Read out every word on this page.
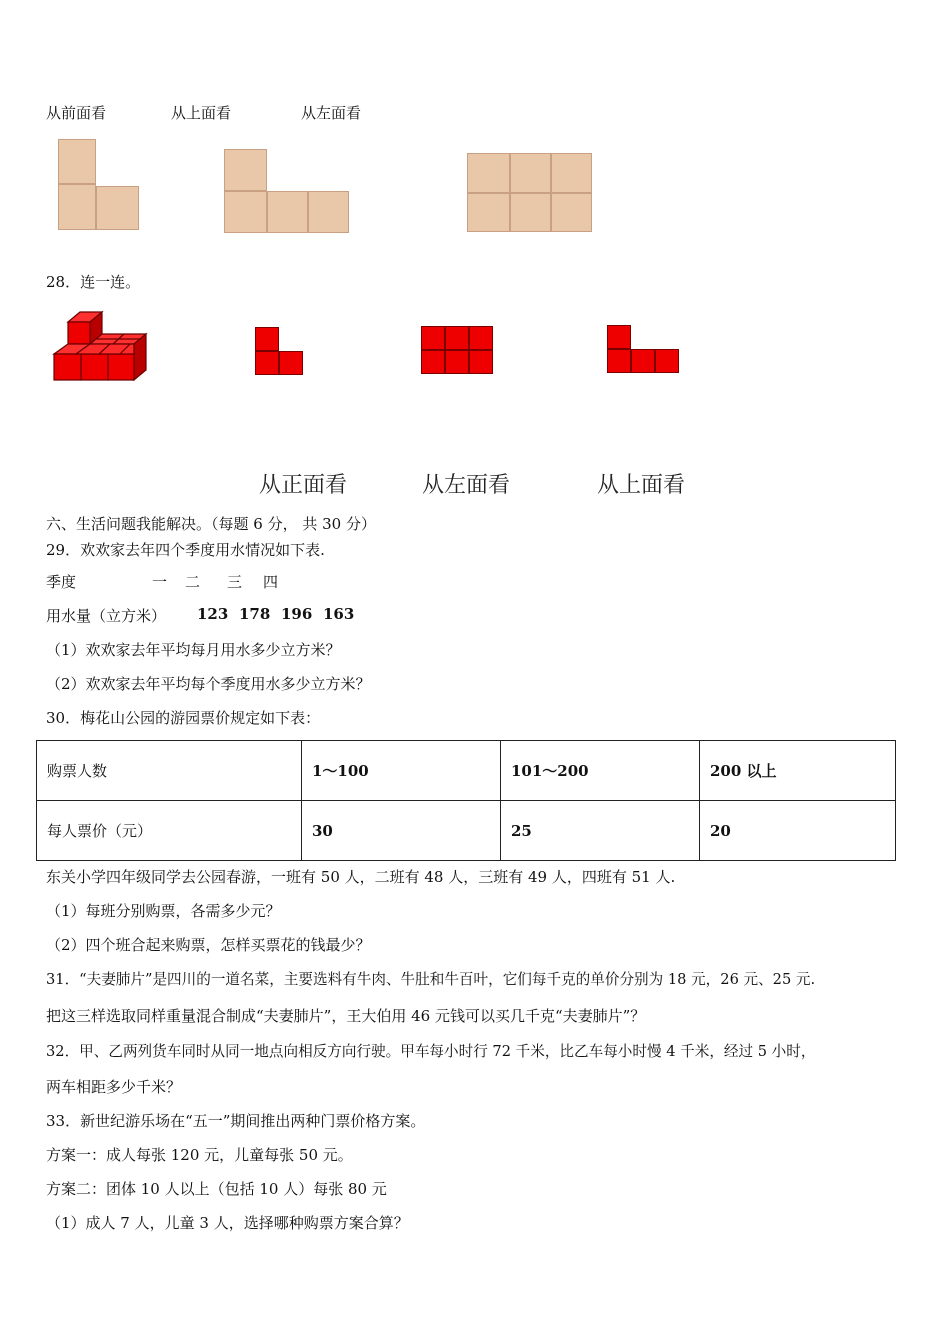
从前面看	从上面看	从左面看
28．连一连。
从正面看	从左面看	从上面看
六、生活问题我能解决。（每题 6 分， 共 30 分）
29．欢欢家去年四个季度用水情况如下表.
季度	一 二 三 四
用水量（立方米） 123 178 196 163
（1）欢欢家去年平均每月用水多少立方米？
（2）欢欢家去年平均每个季度用水多少立方米？
30．梅花山公园的游园票价规定如下表：
购票人数	1～100	101～200	200 以上
每人票价（元）	30	25	20
东关小学四年级同学去公园春游，一班有 50 人，二班有 48 人，三班有 49 人，四班有 51 人.
（1）每班分别购票，各需多少元？
（2）四个班合起来购票，怎样买票花的钱最少？
31．“夫妻肺片”是四川的一道名菜，主要选料有牛肉、牛肚和牛百叶，它们每千克的单价分别为 18 元，26 元、25 元.
把这三样选取同样重量混合制成“夫妻肺片”，王大伯用 46 元钱可以买几千克“夫妻肺片”？
32．甲、乙两列货车同时从同一地点向相反方向行驶。甲车每小时行 72 千米，比乙车每小时慢 4 千米，经过 5 小时，
两车相距多少千米？
33．新世纪游乐场在“五一”期间推出两种门票价格方案。
方案一：成人每张 120 元，儿童每张 50 元。
方案二：团体 10 人以上（包括 10 人）每张 80 元
（1）成人 7 人，儿童 3 人，选择哪种购票方案合算？
